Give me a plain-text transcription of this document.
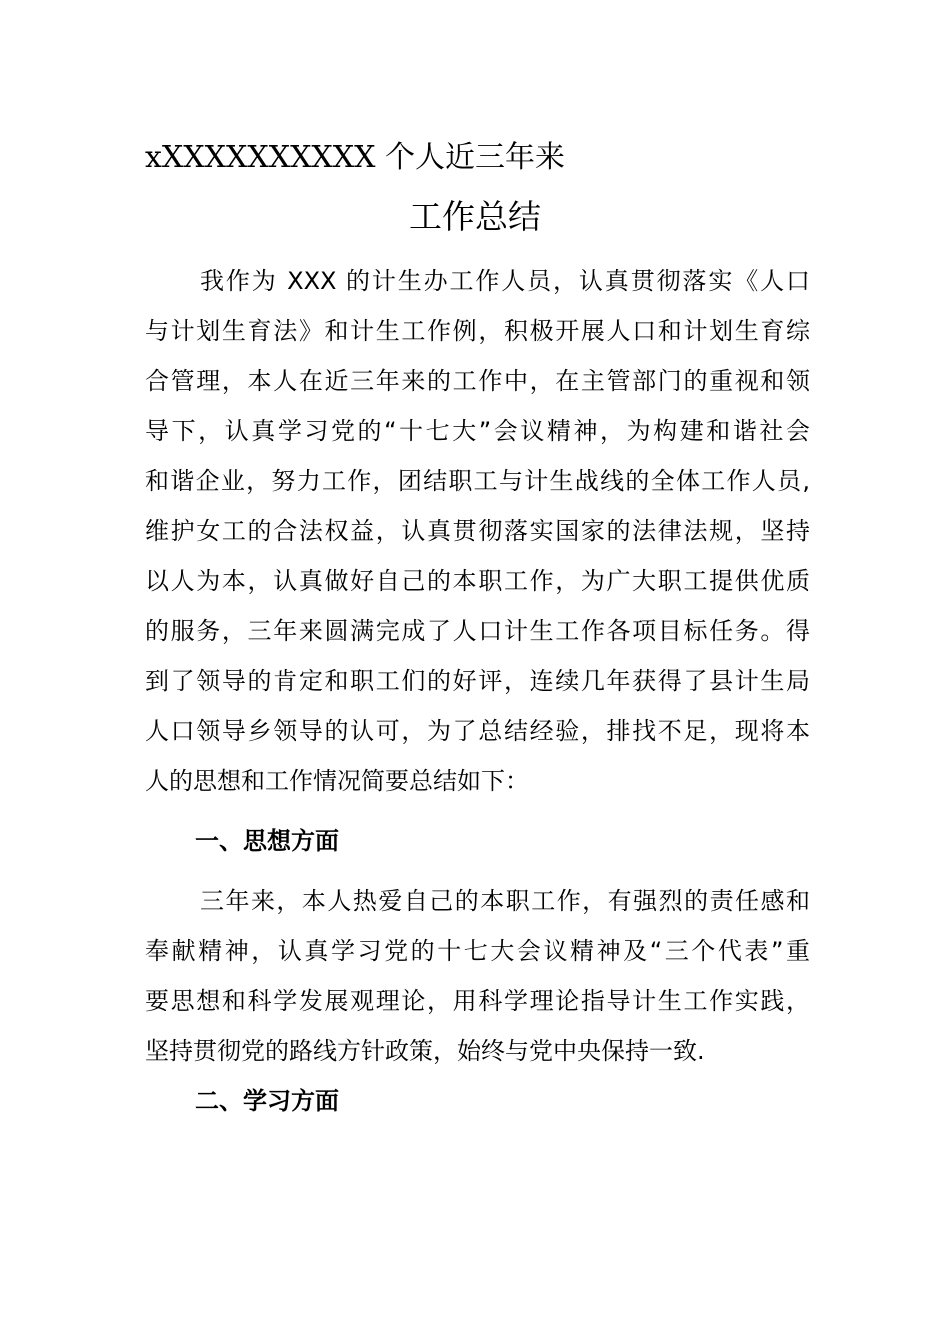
xXXXXXXXXXX 个人近三年来
工作总结
我作为 XXX 的计生办工作人员，认真贯彻落实《人口
与计划生育法》和计生工作例，积极开展人口和计划生育综
合管理，本人在近三年来的工作中，在主管部门的重视和领
导下，认真学习党的“十七大”会议精神，为构建和谐社会
和谐企业，努力工作，团结职工与计生战线的全体工作人员,
维护女工的合法权益，认真贯彻落实国家的法律法规，坚持
以人为本，认真做好自己的本职工作，为广大职工提供优质
的服务，三年来圆满完成了人口计生工作各项目标任务。得
到了领导的肯定和职工们的好评，连续几年获得了县计生局
人口领导乡领导的认可，为了总结经验，排找不足，现将本
人的思想和工作情况简要总结如下：
一、思想方面
三年来，本人热爱自己的本职工作，有强烈的责任感和
奉献精神，认真学习党的十七大会议精神及“三个代表”重
要思想和科学发展观理论，用科学理论指导计生工作实践，
坚持贯彻党的路线方针政策，始终与党中央保持一致.
二、学习方面
